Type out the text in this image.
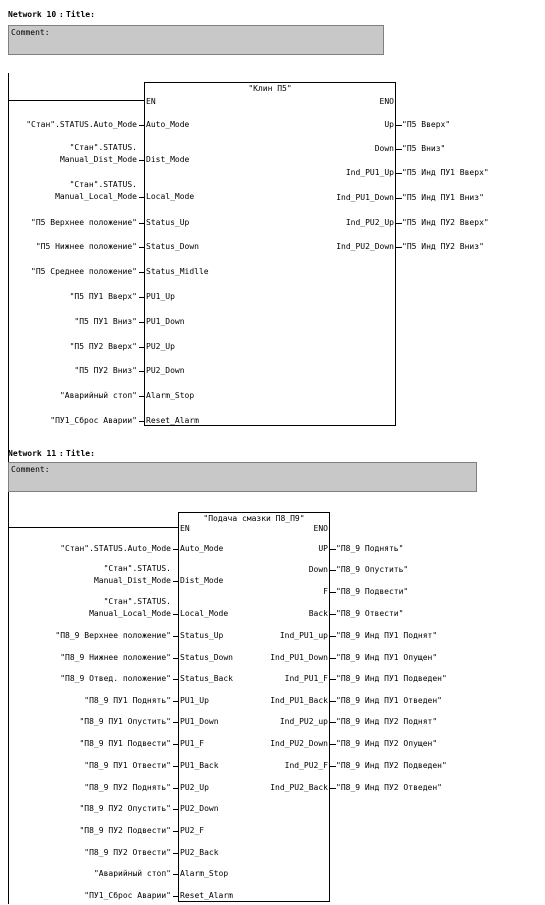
Network 10 : Title:
Comment:
"Клин П5"
EN	ENO
Auto_Mode
"Стан".STATUS.Auto_Mode
Dist_Mode
"Стан".STATUS.
Manual_Dist_Mode
Local_Mode
"Стан".STATUS.
Manual_Local_Mode
Status_Up
"П5 Верхнее положение"
Status_Down
"П5 Нижнее положение"
Status_Midlle
"П5 Среднее положение"
PU1_Up
"П5 ПУ1 Вверх"
PU1_Down
"П5 ПУ1 Вниз"
PU2_Up
"П5 ПУ2 Вверх"
PU2_Down
"П5 ПУ2 Вниз"
Alarm_Stop
"Аварийный стоп"
Reset_Alarm
"ПУ1_Сброс Аварии"
Up "П5 Вверх"
Down "П5 Вниз"
Ind_PU1_Up "П5 Инд ПУ1 Вверх"
Ind_PU1_Down "П5 Инд ПУ1 Вниз"
Ind_PU2_Up "П5 Инд ПУ2 Вверх"
Ind_PU2_Down "П5 Инд ПУ2 Вниз"
Network 11 : Title:
Comment:
"Подача смазки П8_П9"
EN	ENO
Auto_Mode
"Стан".STATUS.Auto_Mode
Dist_Mode
"Стан".STATUS.
Manual_Dist_Mode
Local_Mode
"Стан".STATUS.
Manual_Local_Mode
Status_Up
"П8_9 Верхнее положение"
Status_Down
"П8_9 Нижнее положение"
Status_Back
"П8_9 Отвед. положение"
PU1_Up
"П8_9 ПУ1 Поднять"
PU1_Down
"П8_9 ПУ1 Опустить"
PU1_F
"П8_9 ПУ1 Подвести"
PU1_Back
"П8_9 ПУ1 Отвести"
PU2_Up
"П8_9 ПУ2 Поднять"
PU2_Down
"П8_9 ПУ2 Опустить"
PU2_F
"П8_9 ПУ2 Подвести"
PU2_Back
"П8_9 ПУ2 Отвести"
Alarm_Stop
"Аварийный стоп"
Reset_Alarm
"ПУ1_Сброс Аварии"
UP "П8_9 Поднять"
Down "П8_9 Опустить"
F "П8_9 Подвести"
Back "П8_9 Отвести"
Ind_PU1_up "П8_9 Инд ПУ1 Поднят"
Ind_PU1_Down "П8_9 Инд ПУ1 Опущен"
Ind_PU1_F "П8_9 Инд ПУ1 Подведен"
Ind_PU1_Back "П8_9 Инд ПУ1 Отведен"
Ind_PU2_up "П8_9 Инд ПУ2 Поднят"
Ind_PU2_Down "П8_9 Инд ПУ2 Опущен"
Ind_PU2_F "П8_9 Инд ПУ2 Подведен"
Ind_PU2_Back "П8_9 Инд ПУ2 Отведен"
